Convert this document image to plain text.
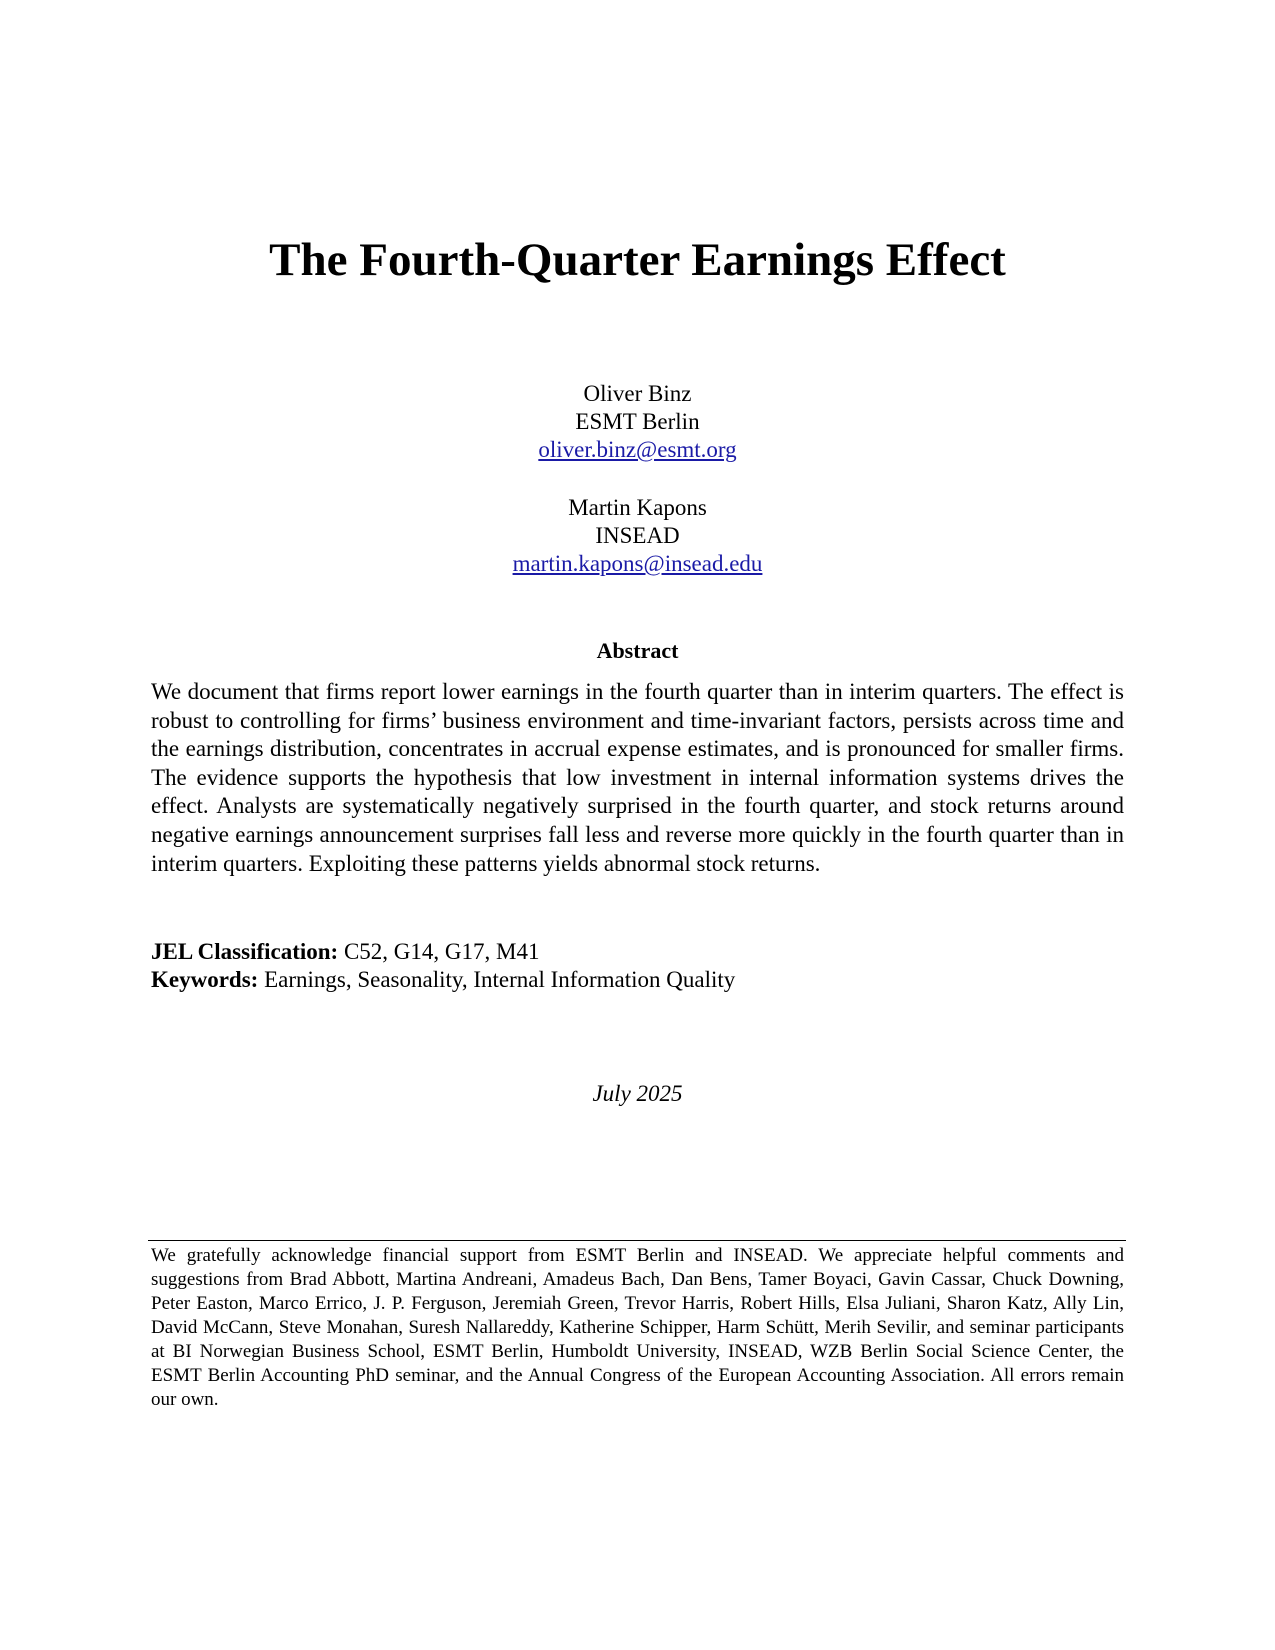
The Fourth-Quarter Earnings Effect
Oliver Binz
ESMT Berlin
oliver.binz@esmt.org
Martin Kapons
INSEAD
martin.kapons@insead.edu
Abstract

We document that firms report lower earnings in the fourth quarter than in interim quarters. The effect is robust to controlling for firms’ business environment and time-invariant factors, persists across time and the earnings distribution, concentrates in accrual expense estimates, and is pronounced for smaller firms. The evidence supports the hypothesis that low investment in internal information systems drives the effect. Analysts are systematically negatively surprised in the fourth quarter, and stock returns around negative earnings announcement surprises fall less and reverse more quickly in the fourth quarter than in interim quarters. Exploiting these patterns yields abnormal stock returns.

JEL Classification: C52, G14, G17, M41
Keywords: Earnings, Seasonality, Internal Information Quality
July 2025

We gratefully acknowledge financial support from ESMT Berlin and INSEAD. We appreciate helpful comments and suggestions from Brad Abbott, Martina Andreani, Amadeus Bach, Dan Bens, Tamer Boyaci, Gavin Cassar, Chuck Downing, Peter Easton, Marco Errico, J. P. Ferguson, Jeremiah Green, Trevor Harris, Robert Hills, Elsa Juliani, Sharon Katz, Ally Lin, David McCann, Steve Monahan, Suresh Nallareddy, Katherine Schipper, Harm Schütt, Merih Sevilir, and seminar participants at BI Norwegian Business School, ESMT Berlin, Humboldt University, INSEAD, WZB Berlin Social Science Center, the ESMT Berlin Accounting PhD seminar, and the Annual Congress of the European Accounting Association. All errors remain our own.
